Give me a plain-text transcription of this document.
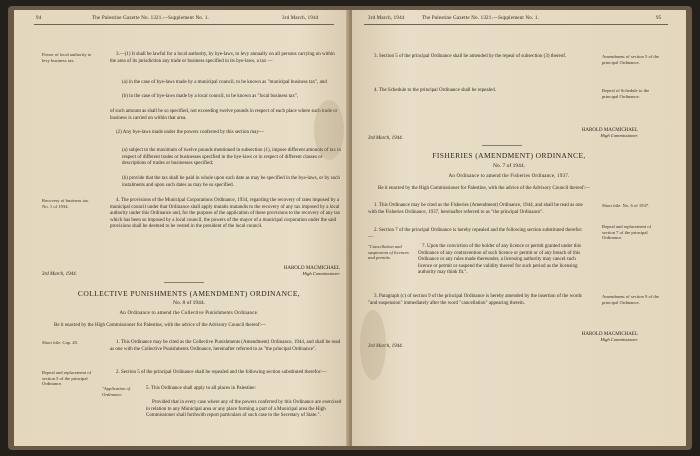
94	The Palestine Gazette No. 1321.—Supplement No. 1.	3rd March, 1944
Power of local authority to levy business tax.
3.—(1) It shall be lawful for a local authority, by bye-laws, to levy annually on all persons carrying on within the area of its jurisdiction any trade or business specified in its bye-laws, a tax —
(a) in the case of bye-laws made by a municipal council, to be known as "municipal business tax", and
(b) in the case of bye-laws made by a local council, to be known as "local business tax",
of such amount as shall be so specified, not exceeding twelve pounds in respect of each place where such trade or business is carried on within that area.
(2) Any bye-laws made under the powers conferred by this section may—
(a) subject to the maximum of twelve pounds mentioned in subsection (1), impose different amounts of tax in respect of different trades or businesses specified in the bye-laws or in respect of different classes or descriptions of trades or businesses specified;
(b) provide that the tax shall be paid in whole upon such date as may be specified in the bye-laws, or by such instalments and upon such dates as may be so specified.
Recovery of business tax. No. 1 of 1934.
4. The provisions of the Municipal Corporations Ordinance, 1934, regarding the recovery of rates imposed by a municipal council under that Ordinance shall apply mutatis mutandis to the recovery of any tax imposed by a local authority under this Ordinance and, for the purpose of the application of these provisions to the recovery of any tax which has been so imposed by a local council, the powers of the mayor of a municipal corporation under the said provisions shall be deemed to be vested in the president of the local council.
3rd March, 1944.
HAROLD MACMICHAEL
High Commissioner.
COLLECTIVE PUNISHMENTS (AMENDMENT) ORDINANCE,
No. 8 of 1944.
An Ordinance to amend the Collective Punishments Ordinance.
Be it enacted by the High Commissioner for Palestine, with the advice of the Advisory Council thereof:—
Short title. Cap. 20.	1. This Ordinance may be cited as the Collective Punishments (Amendment) Ordinance, 1944, and shall be read as one with the Collective Punishments Ordinance, hereinafter referred to as "the principal Ordinance".
Repeal and replacement of section 5 of the principal Ordinance.
2. Section 5 of the principal Ordinance shall be repealed and the following section substituted therefor:—
"Application of Ordinance.
5. This Ordinance shall apply to all places in Palestine:
Provided that in every case where any of the powers conferred by this Ordinance are exercised in relation to any Municipal area or any place forming a part of a Municipal area the High Commissioner shall forthwith report particulars of such case to the Secretary of State.".
3rd March, 1944	The Palestine Gazette No. 1321.—Supplement No. 1.	95
3. Section 5 of the principal Ordinance shall be amended by the repeal of subsection (3) thereof.	Amendment of section 5 of the principal Ordinance.
4. The Schedule to the principal Ordinance shall be repealed.	Repeal of Schedule to the principal Ordinance.
3rd March, 1944.
HAROLD MACMICHAEL
High Commissioner.
FISHERIES (AMENDMENT) ORDINANCE,
No. 7 of 1944.
An Ordinance to amend the Fisheries Ordinance, 1937.
Be it enacted by the High Commissioner for Palestine, with the advice of the Advisory Council thereof:—
1. This Ordinance may be cited as the Fisheries (Amendment) Ordinance, 1944, and shall be read as one with the Fisheries Ordinance, 1937, hereinafter referred to as "the principal Ordinance".
Short title. No. 6 of 1937.
2. Section 7 of the principal Ordinance is hereby repealed and the following section substituted therefor:—
Repeal and replacement of section 7 of the principal Ordinance.
"Cancellation and suspension of licences and permits.
7. Upon the conviction of the holder of any licence or permit granted under this Ordinance of any contravention of such licence or permit or of any breach of this Ordinance or any rules made thereunder, a licensing authority may cancel such licence or permit or suspend the validity thereof for such period as the licensing authority may think fit.".
3. Paragraph (c) of section 9 of the principal Ordinance is hereby amended by the insertion of the words "and suspension" immediately after the word "cancellation" appearing therein.
Amendment of section 9 of the principal Ordinance.
3rd March, 1944.
HAROLD MACMICHAEL
High Commissioner.
